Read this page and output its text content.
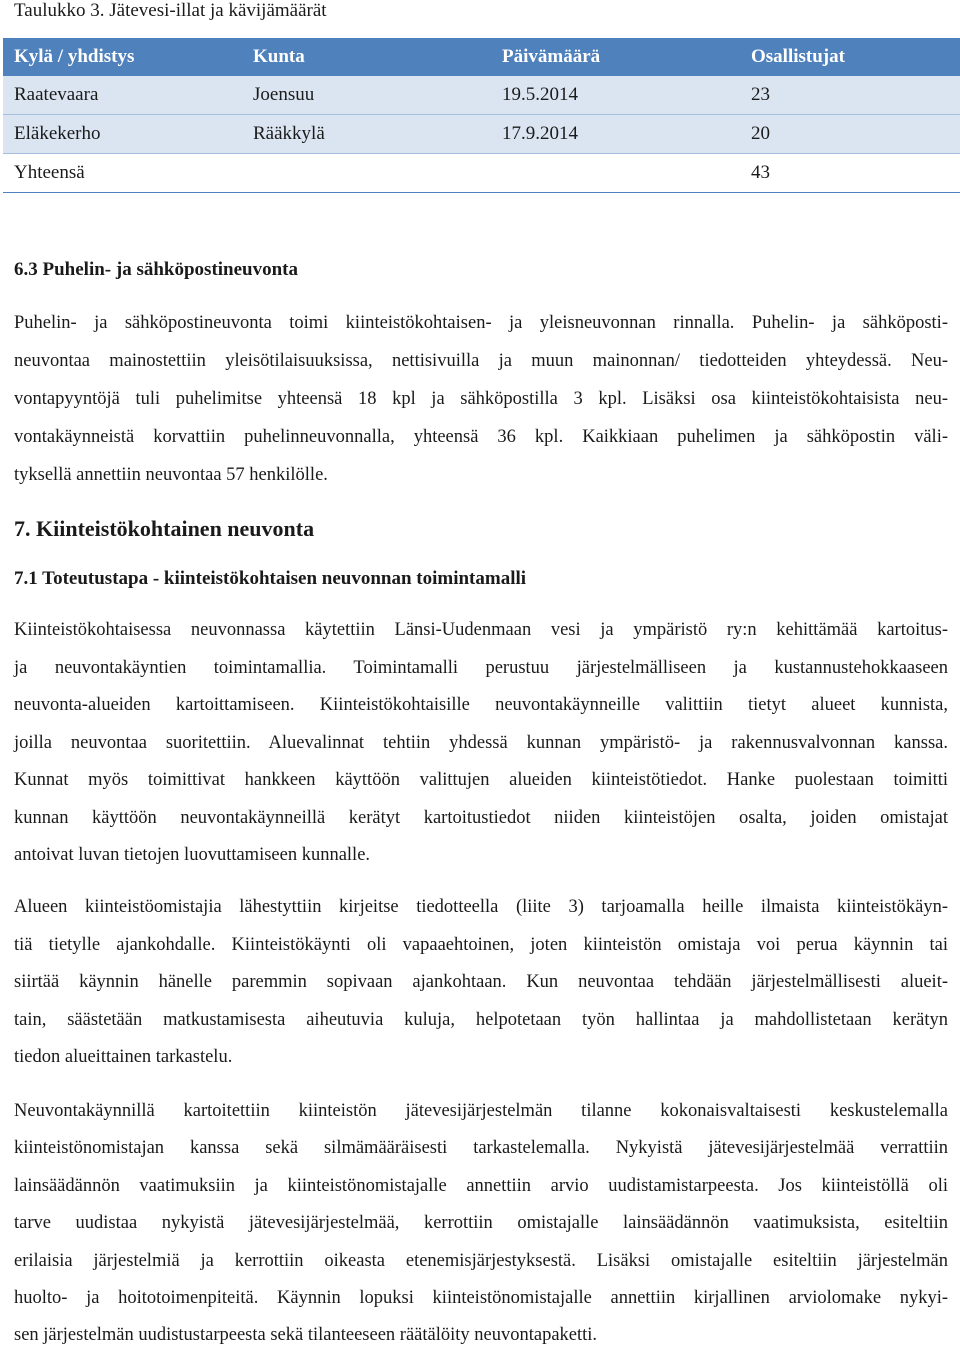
Taulukko 3. Jätevesi-illat ja kävijämäärät

Kylä / yhdistys	Kunta	Päivämäärä	Osallistujat
Raatevaara	Joensuu	19.5.2014	23
Eläkekerho	Rääkkylä	17.9.2014	20
Yhteensä			43
6.3 Puhelin- ja sähköpostineuvonta
Puhelin- ja sähköpostineuvonta toimi kiinteistökohtaisen- ja yleisneuvonnan rinnalla. Puhelin- ja sähköposti-
neuvontaa mainostettiin yleisötilaisuuksissa, nettisivuilla ja muun mainonnan/ tiedotteiden yhteydessä. Neu-
vontapyyntöjä tuli puhelimitse yhteensä 18 kpl ja sähköpostilla 3 kpl. Lisäksi osa kiinteistökohtaisista neu-
vontakäynneistä korvattiin puhelinneuvonnalla, yhteensä 36 kpl. Kaikkiaan puhelimen ja sähköpostin väli-
tyksellä annettiin neuvontaa 57 henkilölle.
7. Kiinteistökohtainen neuvonta
7.1 Toteutustapa - kiinteistökohtaisen neuvonnan toimintamalli
Kiinteistökohtaisessa neuvonnassa käytettiin Länsi-Uudenmaan vesi ja ympäristö ry:n kehittämää kartoitus-
ja neuvontakäyntien toimintamallia. Toimintamalli perustuu järjestelmälliseen ja kustannustehokkaaseen
neuvonta-alueiden kartoittamiseen. Kiinteistökohtaisille neuvontakäynneille valittiin tietyt alueet kunnista,
joilla neuvontaa suoritettiin. Aluevalinnat tehtiin yhdessä kunnan ympäristö- ja rakennusvalvonnan kanssa.
Kunnat myös toimittivat hankkeen käyttöön valittujen alueiden kiinteistötiedot. Hanke puolestaan toimitti
kunnan käyttöön neuvontakäynneillä kerätyt kartoitustiedot niiden kiinteistöjen osalta, joiden omistajat
antoivat luvan tietojen luovuttamiseen kunnalle.
Alueen kiinteistöomistajia lähestyttiin kirjeitse tiedotteella (liite 3) tarjoamalla heille ilmaista kiinteistökäyn-
tiä tietylle ajankohdalle. Kiinteistökäynti oli vapaaehtoinen, joten kiinteistön omistaja voi perua käynnin tai
siirtää käynnin hänelle paremmin sopivaan ajankohtaan. Kun neuvontaa tehdään järjestelmällisesti alueit-
tain, säästetään matkustamisesta aiheutuvia kuluja, helpotetaan työn hallintaa ja mahdollistetaan kerätyn
tiedon alueittainen tarkastelu.
Neuvontakäynnillä kartoitettiin kiinteistön jätevesijärjestelmän tilanne kokonaisvaltaisesti keskustelemalla
kiinteistönomistajan kanssa sekä silmämääräisesti tarkastelemalla. Nykyistä jätevesijärjestelmää verrattiin
lainsäädännön vaatimuksiin ja kiinteistönomistajalle annettiin arvio uudistamistarpeesta. Jos kiinteistöllä oli
tarve uudistaa nykyistä jätevesijärjestelmää, kerrottiin omistajalle lainsäädännön vaatimuksista, esiteltiin
erilaisia järjestelmiä ja kerrottiin oikeasta etenemisjärjestyksestä. Lisäksi omistajalle esiteltiin järjestelmän
huolto- ja hoitotoimenpiteitä. Käynnin lopuksi kiinteistönomistajalle annettiin kirjallinen arviolomake nykyi-
sen järjestelmän uudistustarpeesta sekä tilanteeseen räätälöity neuvontapaketti.
